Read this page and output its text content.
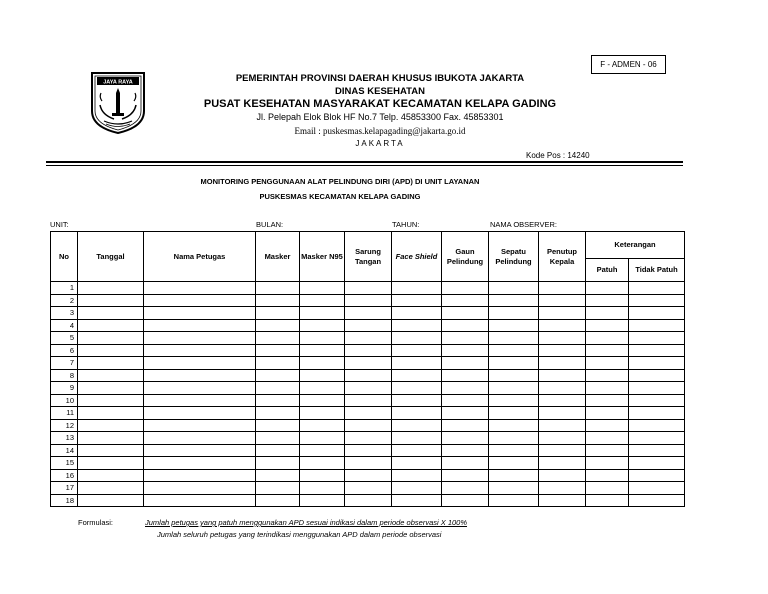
F - ADMEN - 06
JAYA RAYA	PEMERINTAH PROVINSI DAERAH KHUSUS IBUKOTA JAKARTA
DINAS KESEHATAN
PUSAT KESEHATAN MASYARAKAT KECAMATAN KELAPA GADING
Jl. Pelepah Elok Blok HF No.7 Telp. 45853300 Fax. 45853301
Email : puskesmas.kelapagading@jakarta.go.id
JAKARTA
Kode Pos : 14240
MONITORING PENGGUNAAN ALAT PELINDUNG DIRI (APD) DI UNIT LAYANAN
PUSKESMAS KECAMATAN KELAPA GADING
UNIT:	BULAN:	TAHUN:	NAMA OBSERVER:
No	Tanggal	Nama Petugas	Masker	Masker N95	Sarung Tangan	Face Shield	Gaun Pelindung	Sepatu Pelindung	Penutup Kepala	Keterangan	
										Patuh	Tidak Patuh
1											
2											
3											
4											
5											
6											
7											
8											
9											
10											
11											
12											
13											
14											
15											
16											
17											
18											
Formulasi:	Jumlah petugas yang patuh menggunakan APD sesuai indikasi dalam periode observasi X 100%
Jumlah seluruh petugas yang terindikasi menggunakan APD dalam periode observasi
